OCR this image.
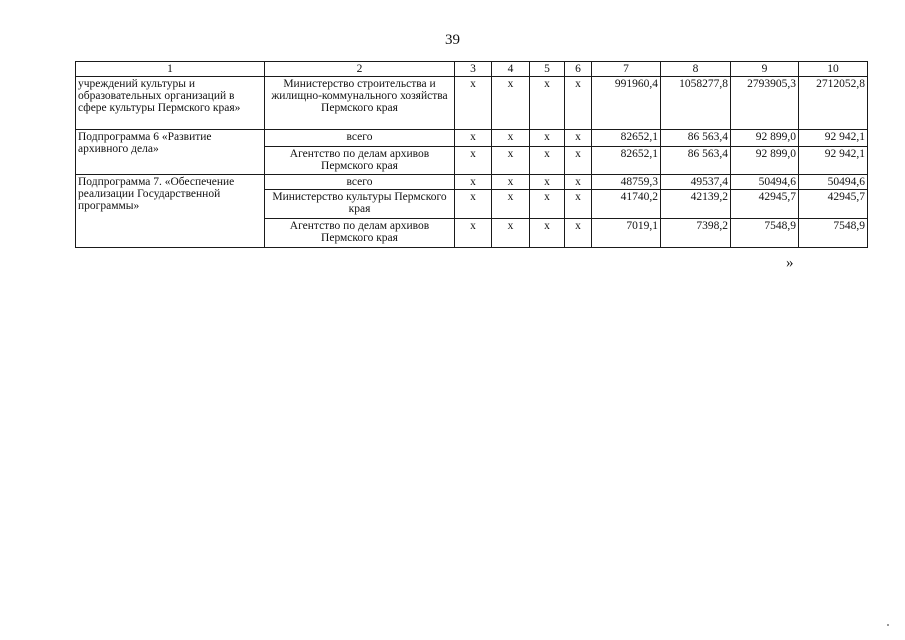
39
1	2	3	4	5	6	7	8	9	10
учреждений культуры и образовательных организаций в сфере культуры Пермского края»	Министерство строительства и жилищно-коммунального хозяйства Пермского края	х	х	х	х	991960,4	1058277,8	2793905,3	2712052,8
Подпрограмма 6 «Развитие архивного дела»	всего	х	х	х	х	82652,1	86 563,4	92 899,0	92 942,1
	Агентство по делам архивов Пермского края	х	х	х	х	82652,1	86 563,4	92 899,0	92 942,1
Подпрограмма 7. «Обеспечение реализации Государственной программы»	всего	х	х	х	х	48759,3	49537,4	50494,6	50494,6
	Министерство культуры Пермского края	х	х	х	х	41740,2	42139,2	42945,7	42945,7
	Агентство по делам архивов Пермского края	х	х	х	х	7019,1	7398,2	7548,9	7548,9
»
